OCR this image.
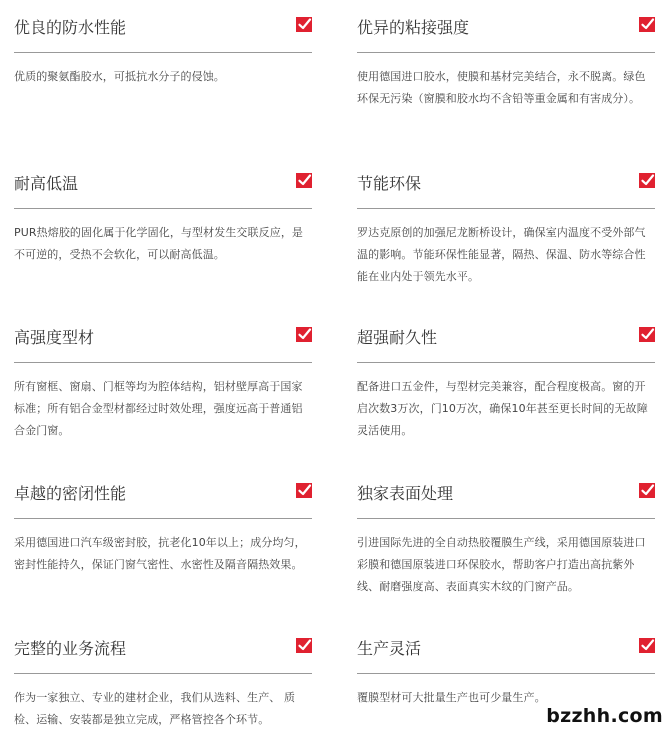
优良的防水性能
优质的聚氨酯胶水，可抵抗水分子的侵蚀。
优异的粘接强度
使用德国进口胶水，使膜和基材完美结合，永不脱离。绿色环保无污染（窗膜和胶水均不含铅等重金属和有害成分）。
耐高低温
PUR热熔胶的固化属于化学固化，与型材发生交联反应，是不可逆的，受热不会软化，可以耐高低温。
节能环保
罗达克原创的加强尼龙断桥设计，确保室内温度不受外部气温的影响。节能环保性能显著，隔热、保温、防水等综合性能在业内处于领先水平。
高强度型材
所有窗框、窗扇、门框等均为腔体结构，铝材壁厚高于国家标准；所有铝合金型材都经过时效处理，强度远高于普通铝合金门窗。
超强耐久性
配备进口五金件，与型材完美兼容，配合程度极高。窗的开启次数3万次，门10万次，确保10年甚至更长时间的无故障灵活使用。
卓越的密闭性能
采用德国进口汽车级密封胶，抗老化10年以上；成分均匀，密封性能持久，保证门窗气密性、水密性及隔音隔热效果。
独家表面处理
引进国际先进的全自动热胶覆膜生产线，采用德国原装进口彩膜和德国原装进口环保胶水，帮助客户打造出高抗紫外线、耐磨强度高、表面真实木纹的门窗产品。
完整的业务流程
作为一家独立、专业的建材企业，我们从选料、生产、 质检、运输、安装都是独立完成，严格管控各个环节。
生产灵活
覆膜型材可大批量生产也可少量生产。
bzzhh.com
